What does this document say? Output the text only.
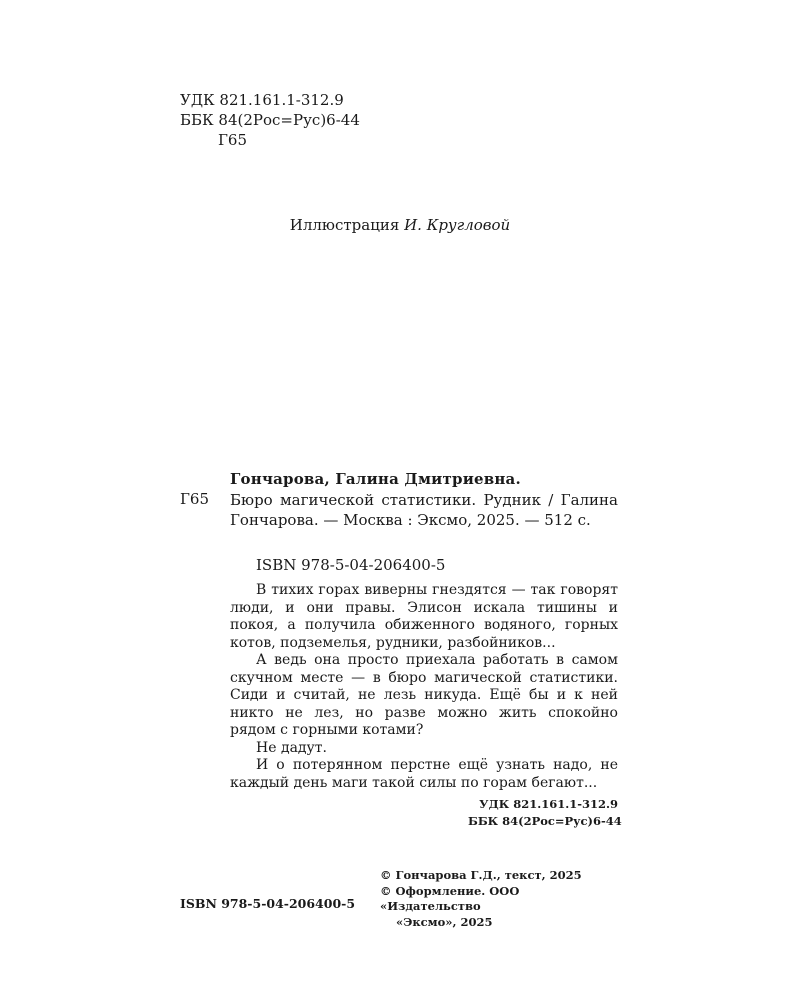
УДК 821.161.1-312.9
ББК 84(2Рос=Рус)6-44
Г65
Иллюстрация И. Кругловой
Гончарова, Галина Дмитриевна.
Г65 Бюро магической статистики. Рудник / Галина Гончарова. — Москва : Эксмо, 2025. — 512 с.
ISBN 978-5-04-206400-5

В тихих горах виверны гнездятся — так говорят люди, и они правы. Элисон искала тишины и покоя, а получила обиженного водяного, горных котов, подземелья, рудники, разбойников...

А ведь она просто приехала работать в самом скучном месте — в бюро магической статистики. Сиди и считай, не лезь никуда. Ещё бы и к ней никто не лез, но разве можно жить спокойно рядом с горными котами?

Не дадут.

И о потерянном перстне ещё узнать надо, не каждый день маги такой силы по горам бегают...

УДК 821.161.1-312.9
ББК 84(2Рос=Рус)6-44
ISBN 978-5-04-206400-5
© Гончарова Г.Д., текст, 2025
© Оформление. ООО «Издательство
«Эксмо», 2025
